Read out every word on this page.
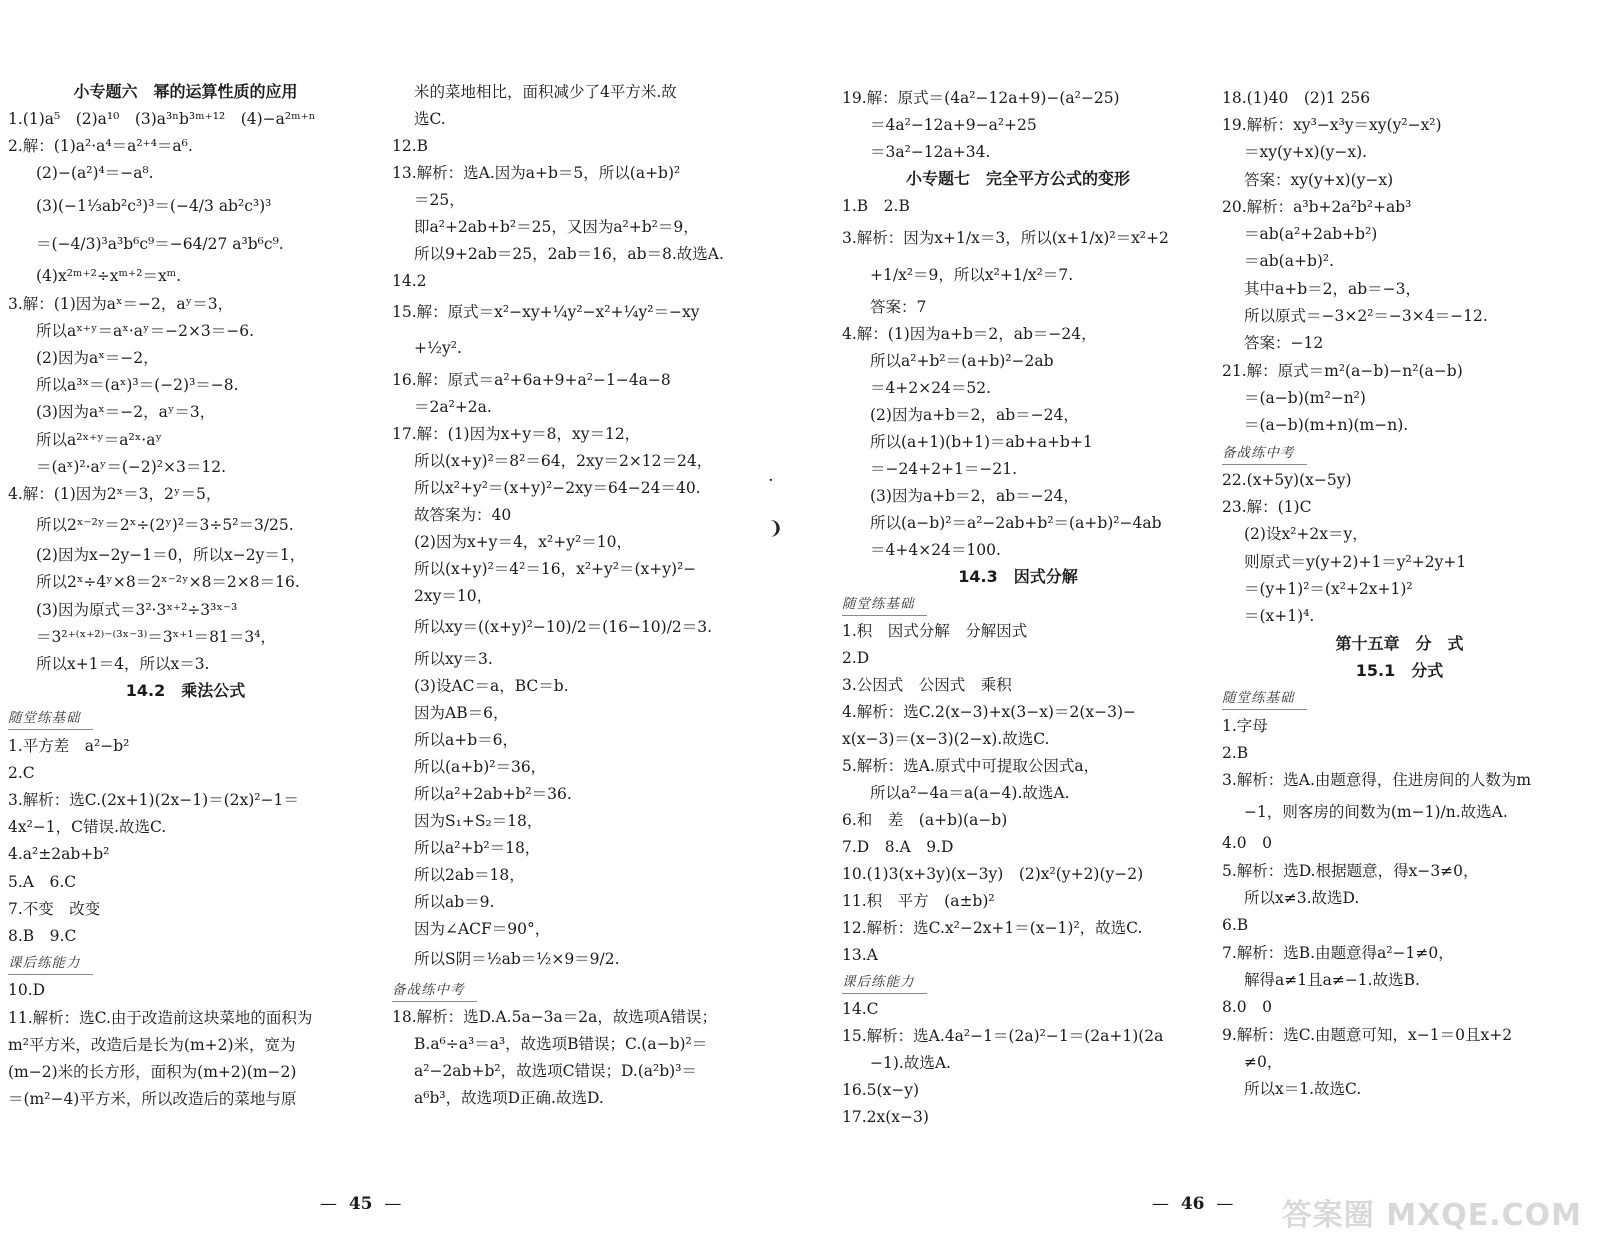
小专题六　幂的运算性质的应用
1.(1)a⁵　(2)a¹⁰　(3)a³ⁿb³ᵐ⁺¹²　(4)−a²ᵐ⁺ⁿ
2.解：(1)a²·a⁴＝a²⁺⁴＝a⁶.
(2)−(a²)⁴＝−a⁸.
(3)(−1⅓ab²c³)³＝(−4/3 ab²c³)³
＝(−4/3)³a³b⁶c⁹＝−64/27 a³b⁶c⁹.
(4)x²ᵐ⁺²÷xᵐ⁺²＝xᵐ.
3.解：(1)因为aˣ＝−2，aʸ＝3，
所以aˣ⁺ʸ＝aˣ·aʸ＝−2×3＝−6.
(2)因为aˣ＝−2，
所以a³ˣ＝(aˣ)³＝(−2)³＝−8.
(3)因为aˣ＝−2，aʸ＝3，
所以a²ˣ⁺ʸ＝a²ˣ·aʸ
＝(aˣ)²·aʸ＝(−2)²×3＝12.
4.解：(1)因为2ˣ＝3，2ʸ＝5，
所以2ˣ⁻²ʸ＝2ˣ÷(2ʸ)²＝3÷5²＝3/25.
(2)因为x−2y−1＝0，所以x−2y＝1，
所以2ˣ÷4ʸ×8＝2ˣ⁻²ʸ×8＝2×8＝16.
(3)因为原式＝3²·3ˣ⁺²÷3³ˣ⁻³
＝3²⁺⁽ˣ⁺²⁾⁻⁽³ˣ⁻³⁾＝3ˣ⁺¹＝81＝3⁴，
所以x+1＝4，所以x＝3.
14.2　乘法公式
随堂练基础
1.平方差　a²−b²
2.C
3.解析：选C.(2x+1)(2x−1)＝(2x)²−1＝
4x²−1，C错误.故选C.
4.a²±2ab+b²
5.A　6.C
7.不变　改变
8.B　9.C
课后练能力
10.D
11.解析：选C.由于改造前这块菜地的面积为
m²平方米，改造后是长为(m+2)米，宽为
(m−2)米的长方形，面积为(m+2)(m−2)
＝(m²−4)平方米，所以改造后的菜地与原
米的菜地相比，面积减少了4平方米.故
选C.
12.B
13.解析：选A.因为a+b＝5，所以(a+b)²
＝25，
即a²+2ab+b²＝25，又因为a²+b²＝9，
所以9+2ab＝25，2ab＝16，ab＝8.故选A.
14.2
15.解：原式＝x²−xy+¼y²−x²+¼y²＝−xy
+½y².
16.解：原式＝a²+6a+9+a²−1−4a−8
＝2a²+2a.
17.解：(1)因为x+y＝8，xy＝12，
所以(x+y)²＝8²＝64，2xy＝2×12＝24，
所以x²+y²＝(x+y)²−2xy＝64−24＝40.
故答案为：40
(2)因为x+y＝4，x²+y²＝10，
所以(x+y)²＝4²＝16，x²+y²＝(x+y)²−
2xy＝10，
所以xy＝((x+y)²−10)/2＝(16−10)/2＝3.
所以xy＝3.
(3)设AC＝a，BC＝b.
因为AB＝6，
所以a+b＝6，
所以(a+b)²＝36，
所以a²+2ab+b²＝36.
因为S₁+S₂＝18，
所以a²+b²＝18，
所以2ab＝18，
所以ab＝9.
因为∠ACF＝90°，
所以S阴＝½ab＝½×9＝9/2.
备战练中考
18.解析：选D.A.5a−3a＝2a，故选项A错误；
B.a⁶÷a³＝a³，故选项B错误；C.(a−b)²＝
a²−2ab+b²，故选项C错误；D.(a²b)³＝
a⁶b³，故选项D正确.故选D.
19.解：原式＝(4a²−12a+9)−(a²−25)
＝4a²−12a+9−a²+25
＝3a²−12a+34.
小专题七　完全平方公式的变形
1.B　2.B
3.解析：因为x+1/x＝3，所以(x+1/x)²＝x²+2
+1/x²＝9，所以x²+1/x²＝7.
答案：7
4.解：(1)因为a+b＝2，ab＝−24，
所以a²+b²＝(a+b)²−2ab
＝4+2×24＝52.
(2)因为a+b＝2，ab＝−24，
所以(a+1)(b+1)＝ab+a+b+1
＝−24+2+1＝−21.
(3)因为a+b＝2，ab＝−24，
所以(a−b)²＝a²−2ab+b²＝(a+b)²−4ab
＝4+4×24＝100.
14.3　因式分解
随堂练基础
1.积　因式分解　分解因式
2.D
3.公因式　公因式　乘积
4.解析：选C.2(x−3)+x(3−x)＝2(x−3)−
x(x−3)＝(x−3)(2−x).故选C.
5.解析：选A.原式中可提取公因式a，
所以a²−4a＝a(a−4).故选A.
6.和　差　(a+b)(a−b)
7.D　8.A　9.D
10.(1)3(x+3y)(x−3y)　(2)x²(y+2)(y−2)
11.积　平方　(a±b)²
12.解析：选C.x²−2x+1＝(x−1)²，故选C.
13.A
课后练能力
14.C
15.解析：选A.4a²−1＝(2a)²−1＝(2a+1)(2a
−1).故选A.
16.5(x−y)
17.2x(x−3)
18.(1)40　(2)1 256
19.解析：xy³−x³y＝xy(y²−x²)
＝xy(y+x)(y−x).
答案：xy(y+x)(y−x)
20.解析：a³b+2a²b²+ab³
＝ab(a²+2ab+b²)
＝ab(a+b)².
其中a+b＝2，ab＝−3，
所以原式＝−3×2²＝−3×4＝−12.
答案：−12
21.解：原式＝m²(a−b)−n²(a−b)
＝(a−b)(m²−n²)
＝(a−b)(m+n)(m−n).
备战练中考
22.(x+5y)(x−5y)
23.解：(1)C
(2)设x²+2x＝y，
则原式＝y(y+2)+1＝y²+2y+1
＝(y+1)²＝(x²+2x+1)²
＝(x+1)⁴.
第十五章　分　式
15.1　分式
随堂练基础
1.字母
2.B
3.解析：选A.由题意得，住进房间的人数为m
−1，则客房的间数为(m−1)/n.故选A.
4.0　0
5.解析：选D.根据题意，得x−3≠0，
所以x≠3.故选D.
6.B
7.解析：选B.由题意得a²−1≠0，
解得a≠1且a≠−1.故选B.
8.0　0
9.解析：选C.由题意可知，x−1＝0且x+2
≠0，
所以x＝1.故选C.
— 45 —	— 46 —
·
❩
答案圈 MXQE.COM
